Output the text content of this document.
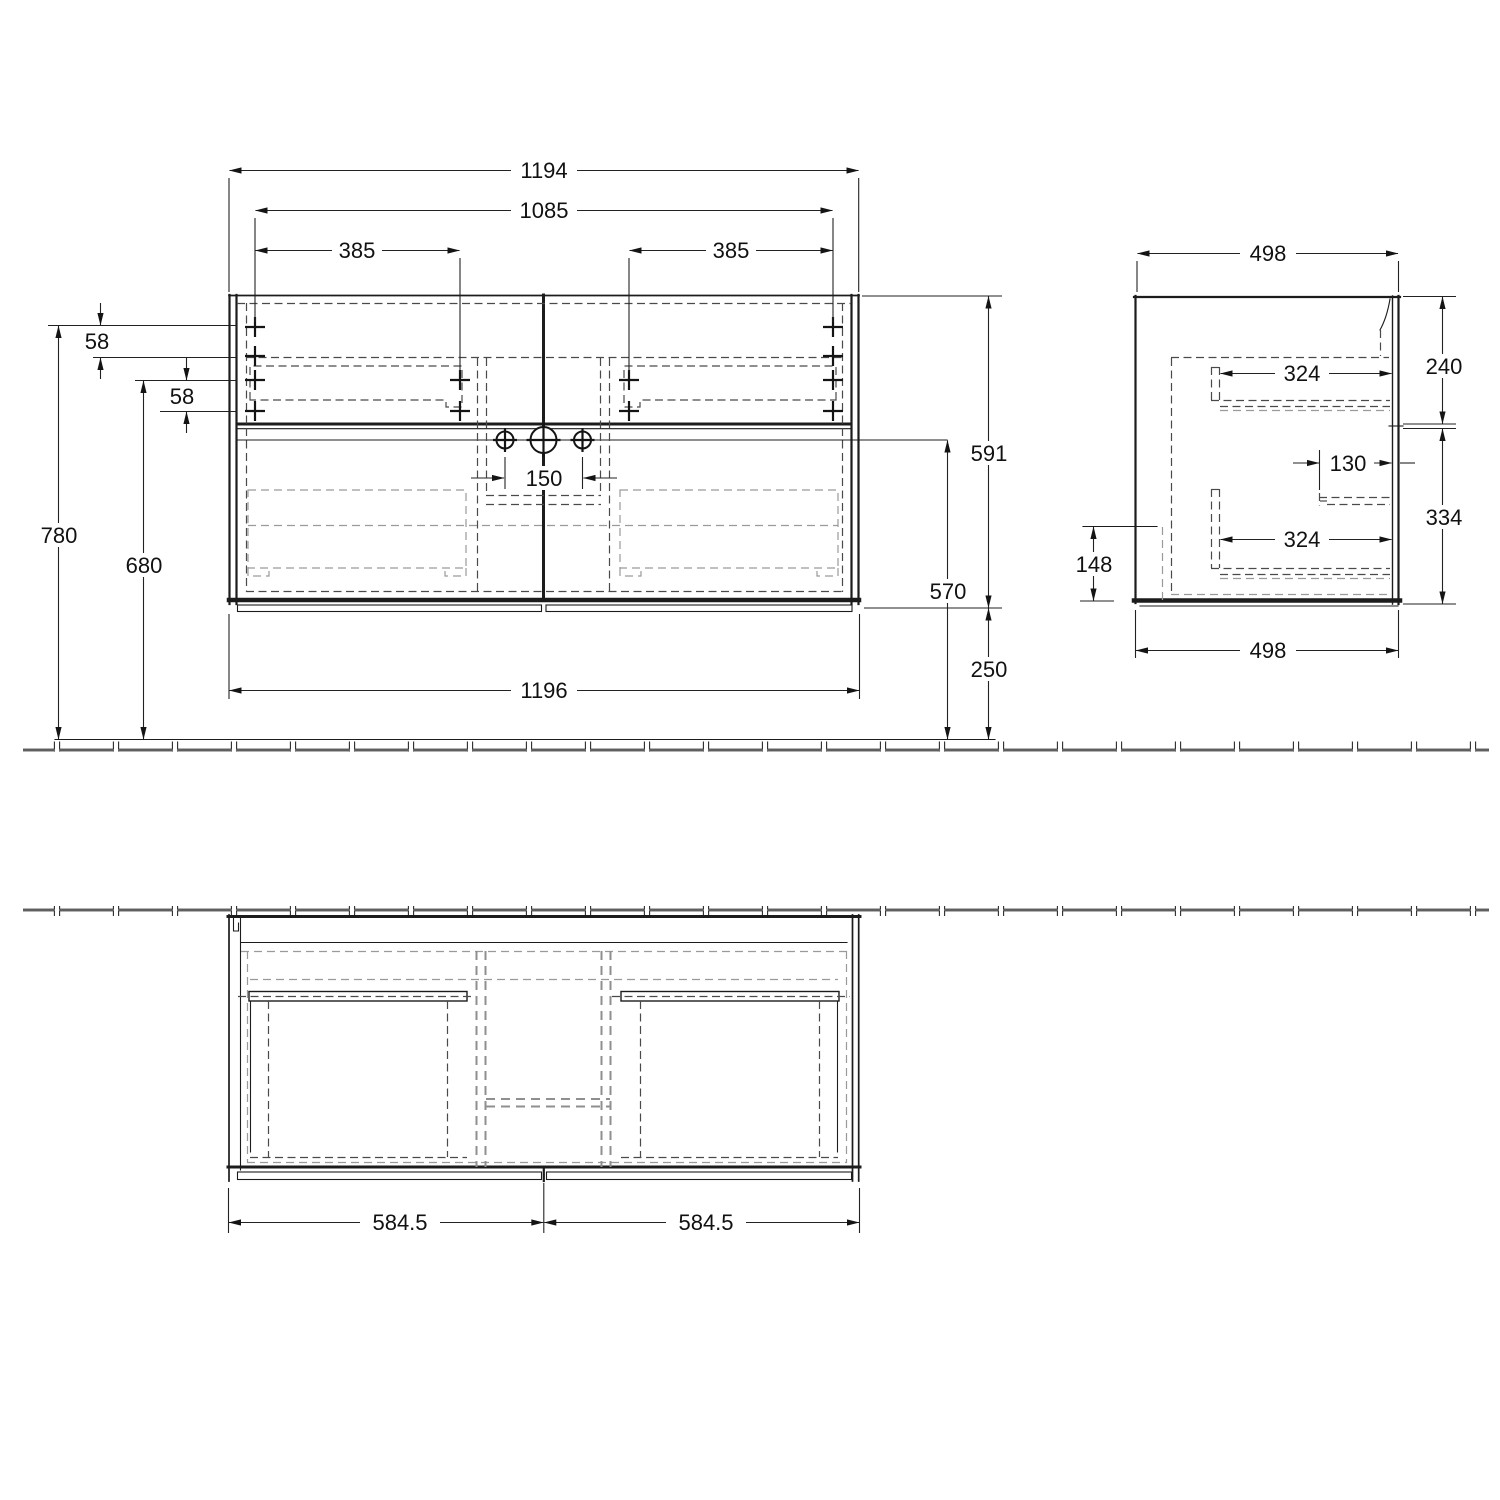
1194
1085
385	385
58
58
780
680
150
1196
591
570
250
498
240
334
324
324
130
148
498
584.5	584.5
